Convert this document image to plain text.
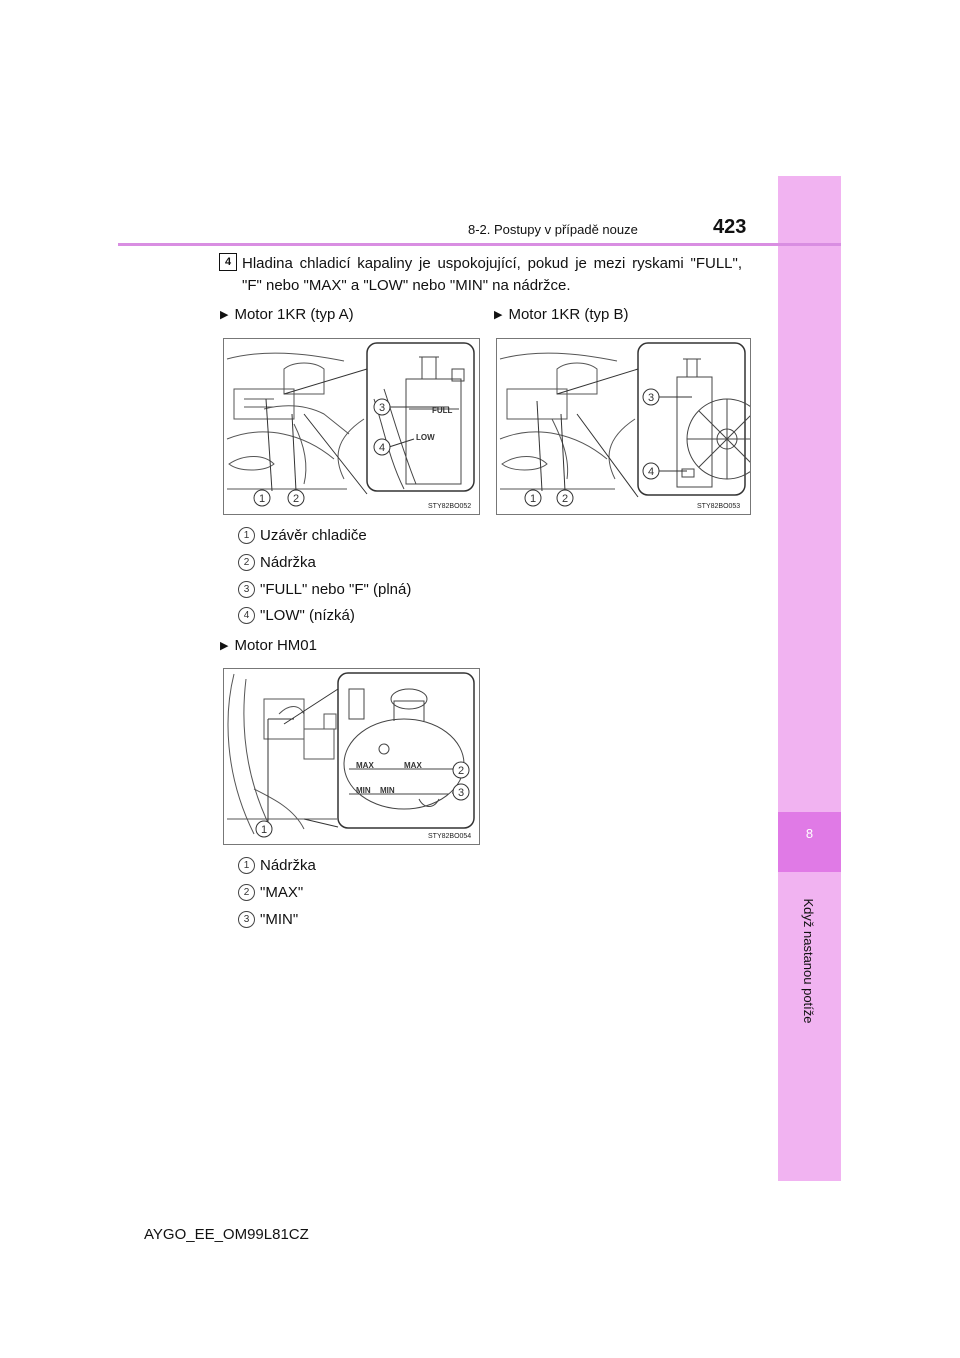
8
Když nastanou potíže
8-2. Postupy v případě nouze	423
4 Hladina chladicí kapaliny je uspokojující, pokud je mezi ryskami "FULL", "F" nebo "MAX" a "LOW" nebo "MIN" na nádržce.
▶ Motor 1KR (typ A)	▶ Motor 1KR (typ B)
FULL
LOW
1	2
3
4
STY82BO052
1 2
3
4
STY82BO053
1 Uzávěr chladiče
2 Nádržka
3 "FULL" nebo "F" (plná)
4 "LOW" (nízká)
▶ Motor HM01
MAX	MAX
MIN MIN
1
2
3
STY82BO054
1 Nádržka
2 "MAX"
3 "MIN"
AYGO_EE_OM99L81CZ
